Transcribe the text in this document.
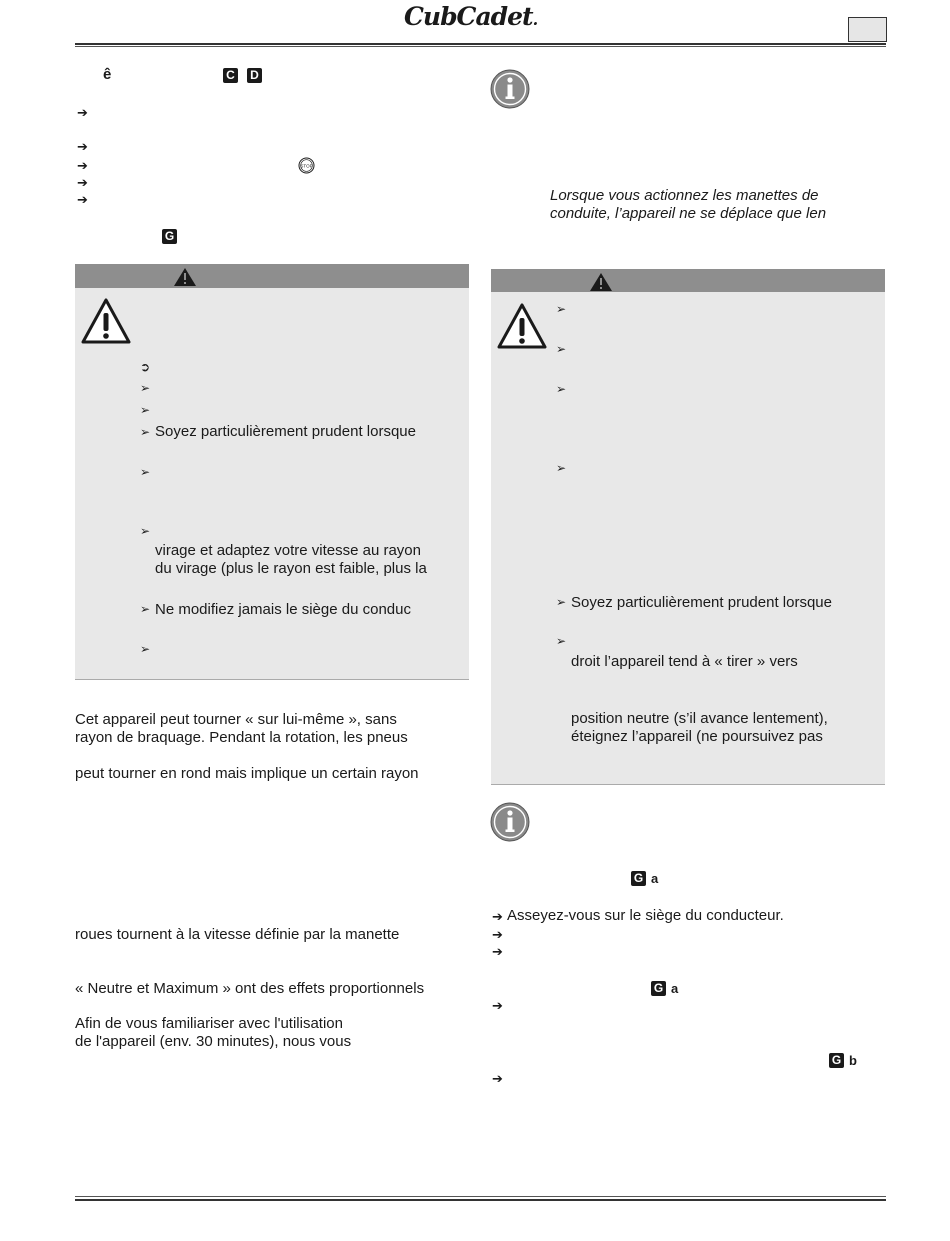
CubCadet.
ê	C D
➔
➔
➔
➔
➔
STOP
G
➲
➢
➢
➢ Soyez particulièrement prudent lorsque
➢
➢
virage et adaptez votre vitesse au rayon
du virage (plus le rayon est faible, plus la
➢ Ne modifiez jamais le siège du conduc
➢
Cet appareil peut tourner « sur lui-même », sans
rayon de braquage. Pendant la rotation, les pneus
peut tourner en rond mais implique un certain rayon
roues tournent à la vitesse définie par la manette
« Neutre et Maximum » ont des effets proportionnels
Afin de vous familiariser avec l'utilisation
de l'appareil (env. 30 minutes), nous vous
Lorsque vous actionnez les manettes de
conduite, l’appareil ne se déplace que len
➢
➢
➢
➢
➢ Soyez particulièrement prudent lorsque
➢
droit l’appareil tend à « tirer » vers
position neutre (s’il avance lentement),
éteignez l’appareil (ne poursuivez pas
G a
➔ Asseyez-vous sur le siège du conducteur.
➔
➔
G a
➔
G b
➔
